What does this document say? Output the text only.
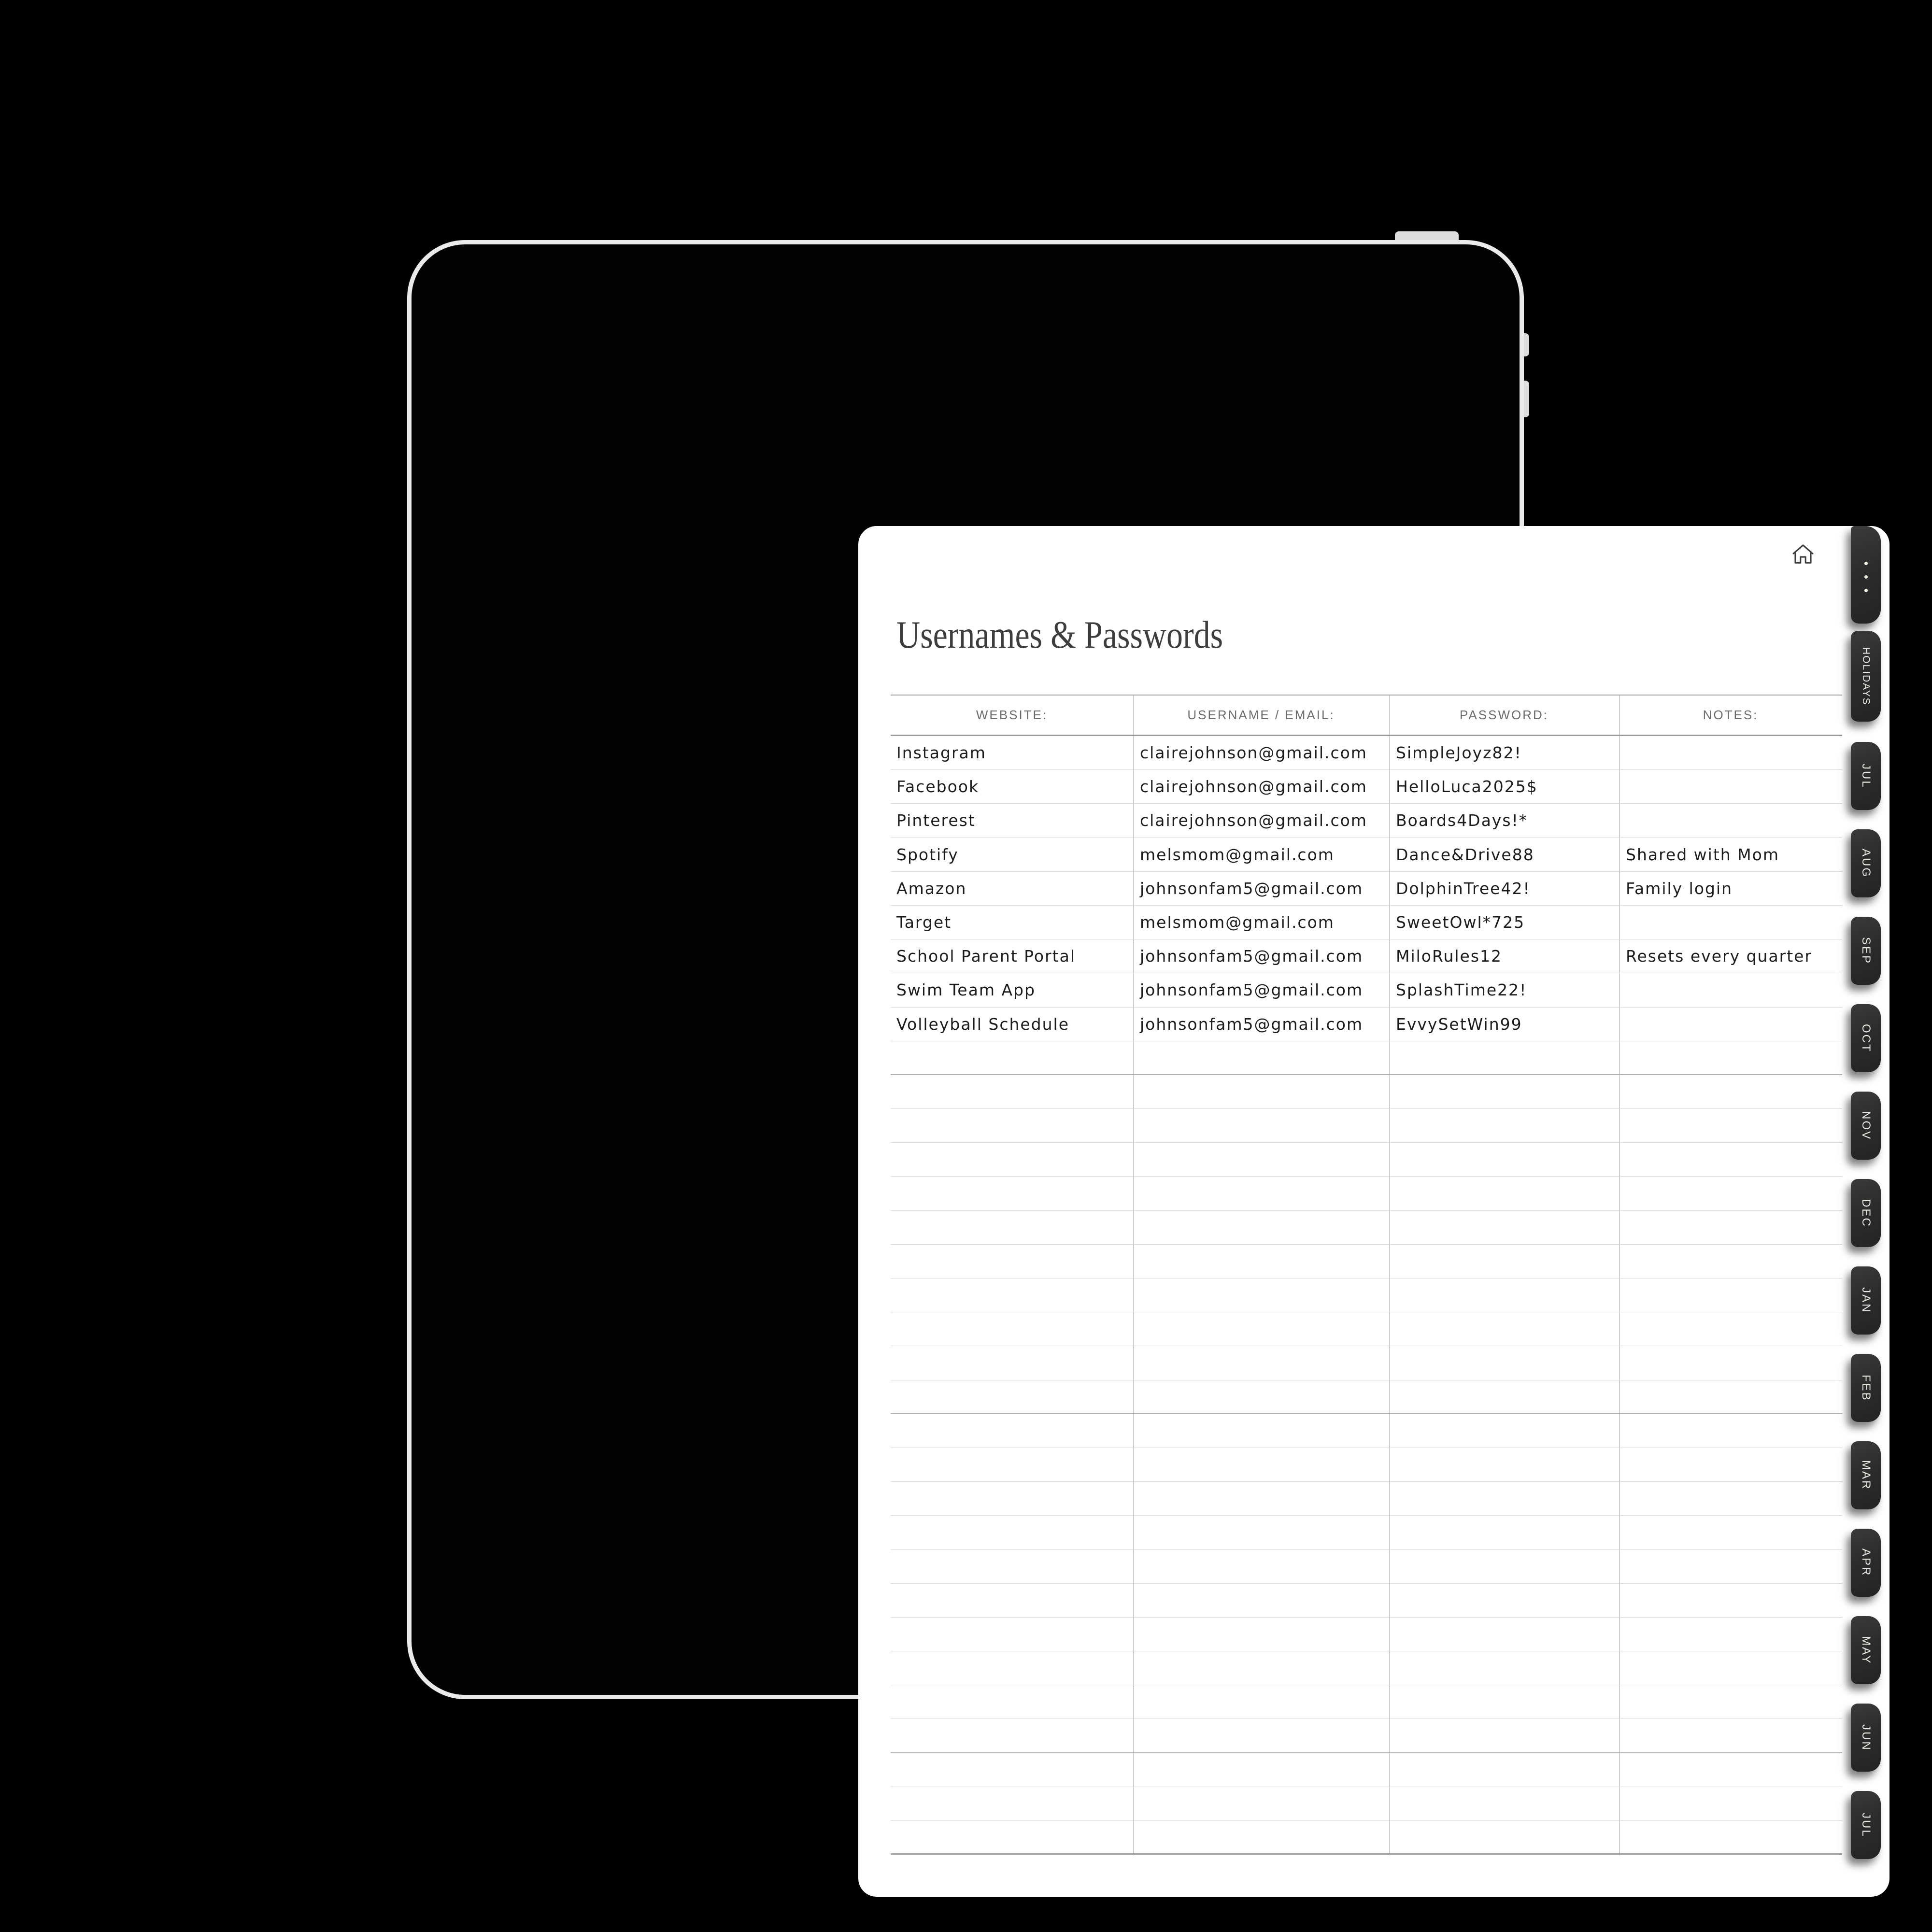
Usernames & Passwords
WEBSITE:	USERNAME / EMAIL:	PASSWORD:	NOTES:
Instagram	clairejohnson@gmail.com	SimpleJoyz82!
Facebook	clairejohnson@gmail.com	HelloLuca2025$
Pinterest	clairejohnson@gmail.com	Boards4Days!*
Spotify	melsmom@gmail.com	Dance&Drive88	Shared with Mom
Amazon	johnsonfam5@gmail.com	DolphinTree42!	Family login
Target	melsmom@gmail.com	SweetOwl*725
School Parent Portal	johnsonfam5@gmail.com	MiloRules12	Resets every quarter
Swim Team App	johnsonfam5@gmail.com	SplashTime22!
Volleyball Schedule	johnsonfam5@gmail.com	EvvySetWin99
HOLIDAYS
JUL
AUG
SEP
OCT
NOV
DEC
JAN
FEB
MAR
APR
MAY
JUN
JUL
